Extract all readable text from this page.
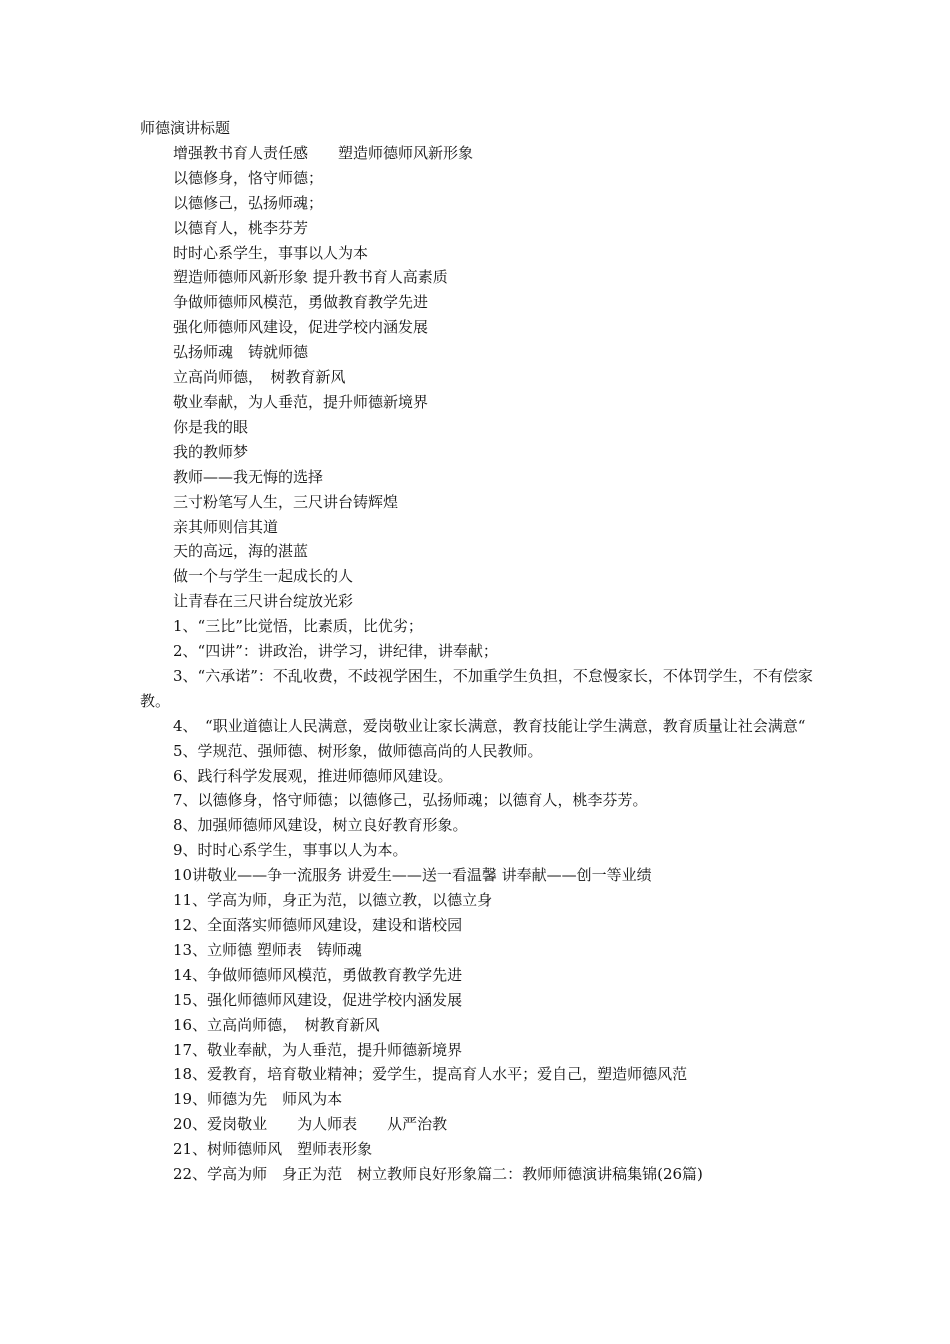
师德演讲标题
增强教书育人责任感　　塑造师德师风新形象
以德修身，恪守师德；
以德修己，弘扬师魂；
以德育人，桃李芬芳
时时心系学生，事事以人为本
塑造师德师风新形象 提升教书育人高素质
争做师德师风模范，勇做教育教学先进
强化师德师风建设，促进学校内涵发展
弘扬师魂　铸就师德
立高尚师德，　树教育新风
敬业奉献，为人垂范，提升师德新境界
你是我的眼
我的教师梦
教师——我无悔的选择
三寸粉笔写人生，三尺讲台铸辉煌
亲其师则信其道
天的高远，海的湛蓝
做一个与学生一起成长的人
让青春在三尺讲台绽放光彩
1、“三比”比觉悟，比素质，比优劣；
2、“四讲”：讲政治，讲学习，讲纪律，讲奉献；
3、“六承诺”：不乱收费，不歧视学困生，不加重学生负担，不怠慢家长，不体罚学生，不有偿家教。
4、　“职业道德让人民满意，爱岗敬业让家长满意，教育技能让学生满意，教育质量让社会满意“
5、学规范、强师德、树形象，做师德高尚的人民教师。
6、践行科学发展观，推进师德师风建设。
7、以德修身，恪守师德；以德修己，弘扬师魂；以德育人，桃李芬芳。
8、加强师德师风建设，树立良好教育形象。
9、时时心系学生，事事以人为本。
10讲敬业——争一流服务 讲爱生——送一看温馨 讲奉献——创一等业绩
11、学高为师，身正为范，以德立教，以德立身
12、全面落实师德师风建设，建设和谐校园
13、立师德 塑师表　铸师魂
14、争做师德师风模范，勇做教育教学先进
15、强化师德师风建设，促进学校内涵发展
16、立高尚师德，　树教育新风
17、敬业奉献，为人垂范，提升师德新境界
18、爱教育，培育敬业精神；爱学生，提高育人水平；爱自己，塑造师德风范
19、师德为先　师风为本
20、爱岗敬业　　为人师表　　从严治教
21、树师德师风　塑师表形象
22、学高为师　身正为范　树立教师良好形象篇二：教师师德演讲稿集锦(26篇)
